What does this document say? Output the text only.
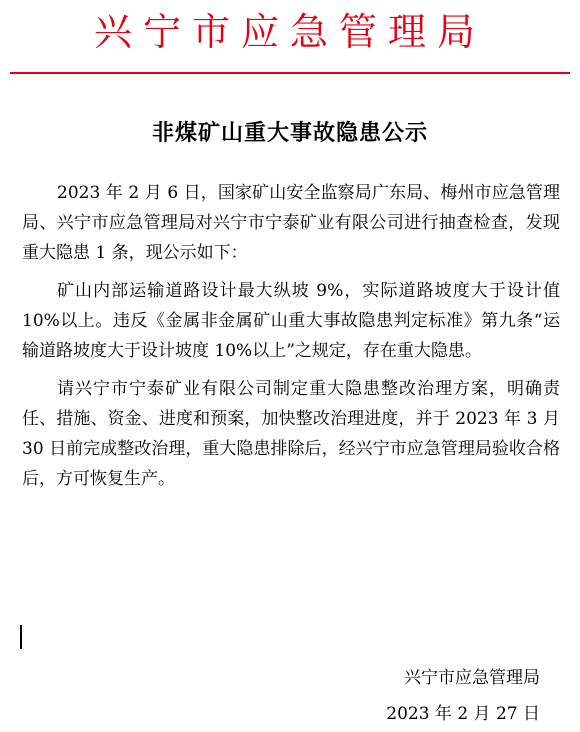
兴宁市应急管理局
非煤矿山重大事故隐患公示

2023 年 2 月 6 日，国家矿山安全监察局广东局、梅州市应急管理局、兴宁市应急管理局对兴宁市宁泰矿业有限公司进行抽查检查，发现重大隐患 1 条，现公示如下：

矿山内部运输道路设计最大纵坡 9%，实际道路坡度大于设计值 10%以上。违反《金属非金属矿山重大事故隐患判定标准》第九条“运输道路坡度大于设计坡度 10%以上”之规定，存在重大隐患。

请兴宁市宁泰矿业有限公司制定重大隐患整改治理方案，明确责任、措施、资金、进度和预案，加快整改治理进度，并于 2023 年 3 月 30 日前完成整改治理，重大隐患排除后，经兴宁市应急管理局验收合格后，方可恢复生产。

兴宁市应急管理局
2023 年 2 月 27 日
